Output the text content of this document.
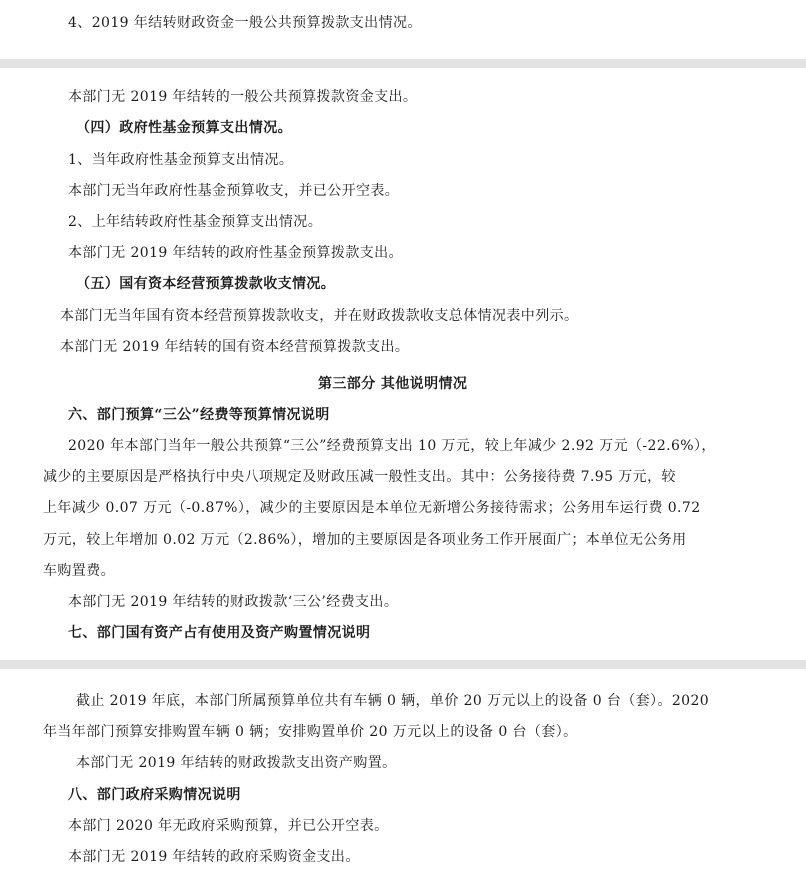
4、2019 年结转财政资金一般公共预算拨款支出情况。
本部门无 2019 年结转的一般公共预算拨款资金支出。
（四）政府性基金预算支出情况。
1、当年政府性基金预算支出情况。
本部门无当年政府性基金预算收支，并已公开空表。
2、上年结转政府性基金预算支出情况。
本部门无 2019 年结转的政府性基金预算拨款支出。
（五）国有资本经营预算拨款收支情况。
本部门无当年国有资本经营预算拨款收支，并在财政拨款收支总体情况表中列示。
本部门无 2019 年结转的国有资本经营预算拨款支出。
第三部分 其他说明情况
六、部门预算“三公”经费等预算情况说明
2020 年本部门当年一般公共预算“三公”经费预算支出 10 万元，较上年减少 2.92 万元（-22.6%），
减少的主要原因是严格执行中央八项规定及财政压减一般性支出。其中：公务接待费 7.95 万元，较
上年减少 0.07 万元（-0.87%），减少的主要原因是本单位无新增公务接待需求；公务用车运行费 0.72
万元，较上年增加 0.02 万元（2.86%），增加的主要原因是各项业务工作开展面广；本单位无公务用
车购置费。
本部门无 2019 年结转的财政拨款‘三公’经费支出。
七、部门国有资产占有使用及资产购置情况说明
截止 2019 年底，本部门所属预算单位共有车辆 0 辆，单价 20 万元以上的设备 0 台（套）。2020
年当年部门预算安排购置车辆 0 辆；安排购置单价 20 万元以上的设备 0 台（套）。
本部门无 2019 年结转的财政拨款支出资产购置。
八、部门政府采购情况说明
本部门 2020 年无政府采购预算，并已公开空表。
本部门无 2019 年结转的政府采购资金支出。
